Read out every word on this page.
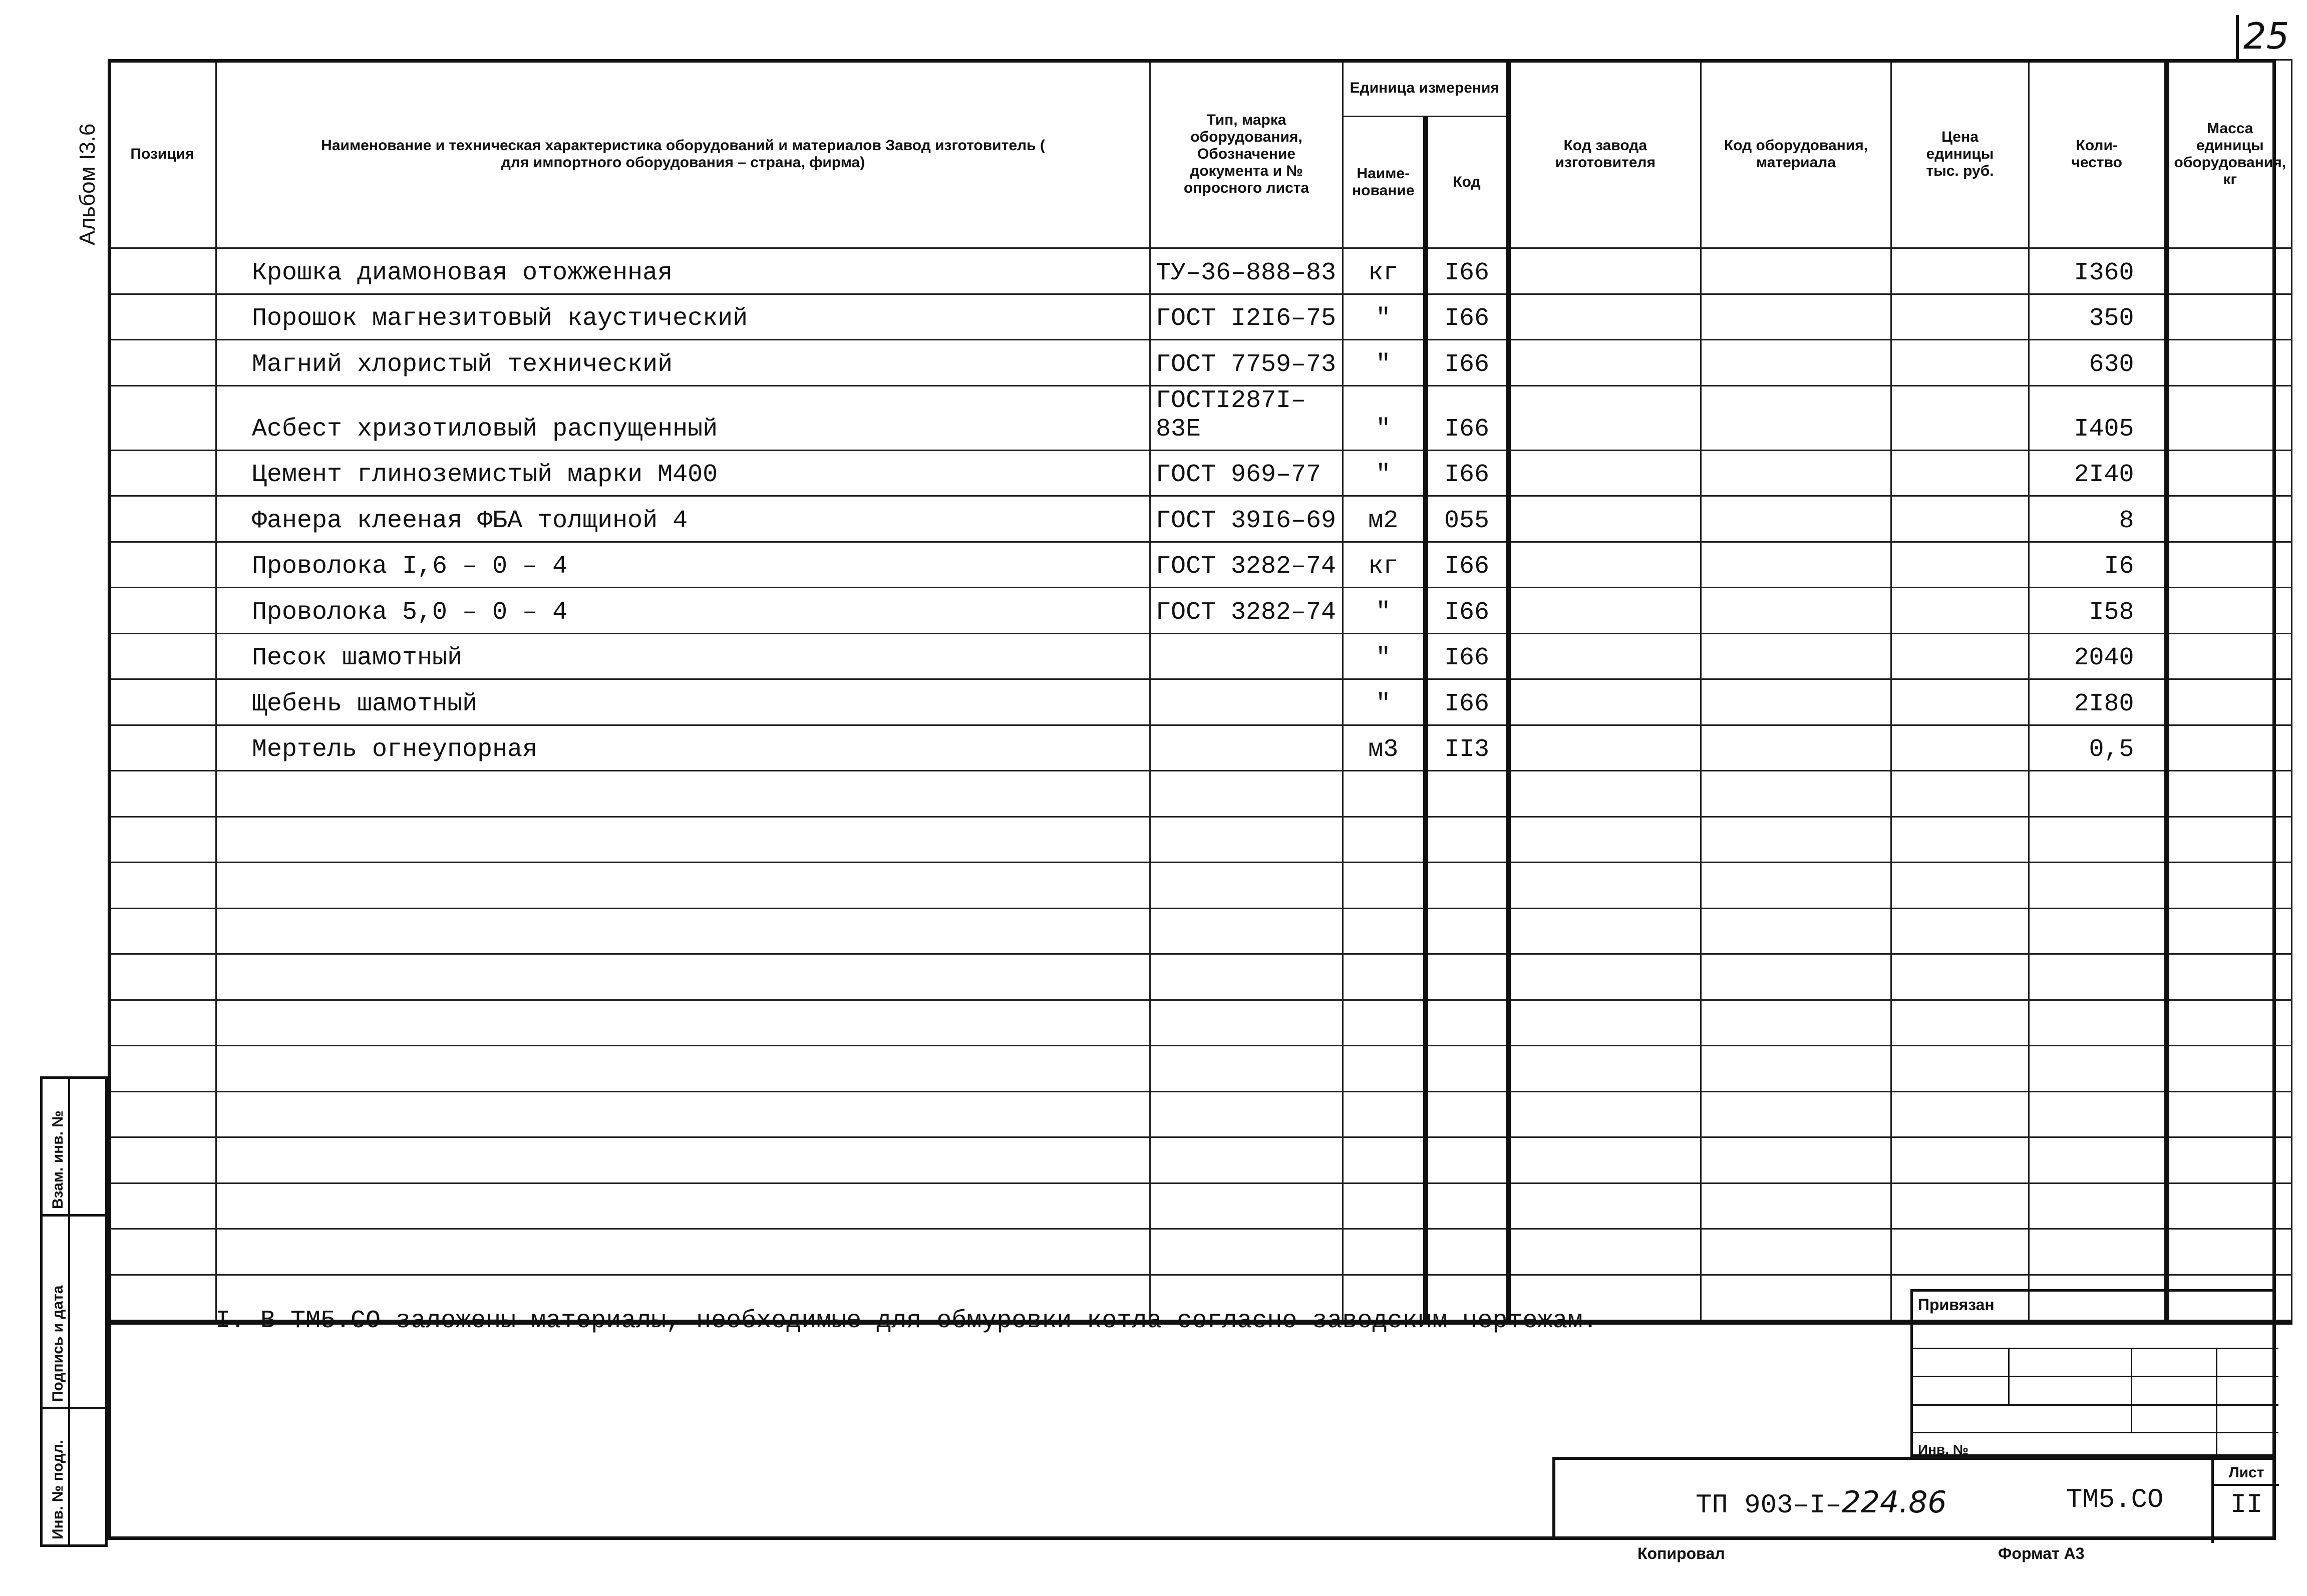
25
Альбом I3.6 Позиция	Наименование и техническая характеристика оборудований и материалов Завод изготовитель ( для импортного оборудования – страна, фирма)	Тип, марка оборудования, Обозначение документа и № опросного листа	Единица измерения		Код завода изготовителя	Код оборудования, материала	Цена единицы тыс. руб.	Коли-чество	Масса единицы оборудования, кг
			Наиме-нование	Код					

	Крошка диамоновая отожженная	ТУ–36–888–83	кг	I66				I360	

	Порошок магнезитовый каустический	ГОСТ I2I6–75	"	I66				350	

	Магний хлористый технический	ГОСТ 7759–73	"	I66				630	

	Асбест хризотиловый распущенный	ГОСТI287I–83Е	"	I66				I405	

	Цемент глиноземистый марки М400	ГОСТ 969–77	"	I66				2I40	

	Фанера клееная ФБА толщиной 4	ГОСТ 39I6–69	м2	055				8	

	Проволока I,6 – 0 – 4	ГОСТ 3282–74	кг	I66				I6	

	Проволока 5,0 – 0 – 4	ГОСТ 3282–74	"	I66				I58	

	Песок шамотный		"	I66				2040	

	Щебень шамотный		"	I66				2I80	

	Мертель огнеупорная		м3	II3				0,5	

Взам. инв. №
Подпись и дата
Инв. № подл.
I. В ТМ5.СО заложены материалы, необходимые для обмуровки котла согласно заводским чертежам.
Привязан
Инв. №
ТП 903–I–224.86	ТМ5.СО
Лист
II
Копировал	Формат А3
